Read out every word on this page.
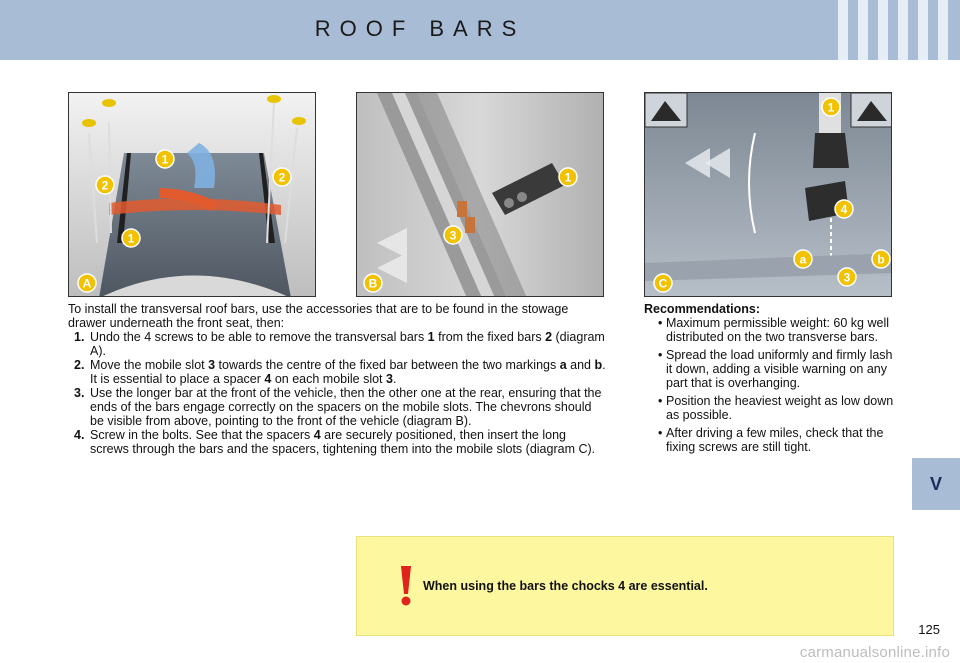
ROOF BARS
V
1
2
2
1
A
1
3
B
1
4
a	b
3
C

To install the transversal roof bars, use the accessories that are to be found in the stowage drawer underneath the front seat, then:

1. Undo the 4 screws to be able to remove the transversal bars 1 from the fixed bars 2 (diagram A).
2. Move the mobile slot 3 towards the centre of the fixed bar between the two markings a and b. It is essential to place a spacer 4 on each mobile slot 3.
3. Use the longer bar at the front of the vehicle, then the other one at the rear, ensuring that the ends of the bars engage correctly on the spacers on the mobile slots. The chevrons should be visible from above, pointing to the front of the vehicle (diagram B).
4. Screw in the bolts. See that the spacers 4 are securely positioned, then insert the long screws through the bars and the spacers, tightening them into the mobile slots (diagram C).
Recommendations:
• Maximum permissible weight: 60 kg well distributed on the two transverse bars.
• Spread the load uniformly and firmly lash it down, adding a visible warning on any part that is overhanging.
• Position the heaviest weight as low down as possible.
• After driving a few miles, check that the fixing screws are still tight.
When using the bars the chocks 4 are essential.
125
carmanualsonline.info
